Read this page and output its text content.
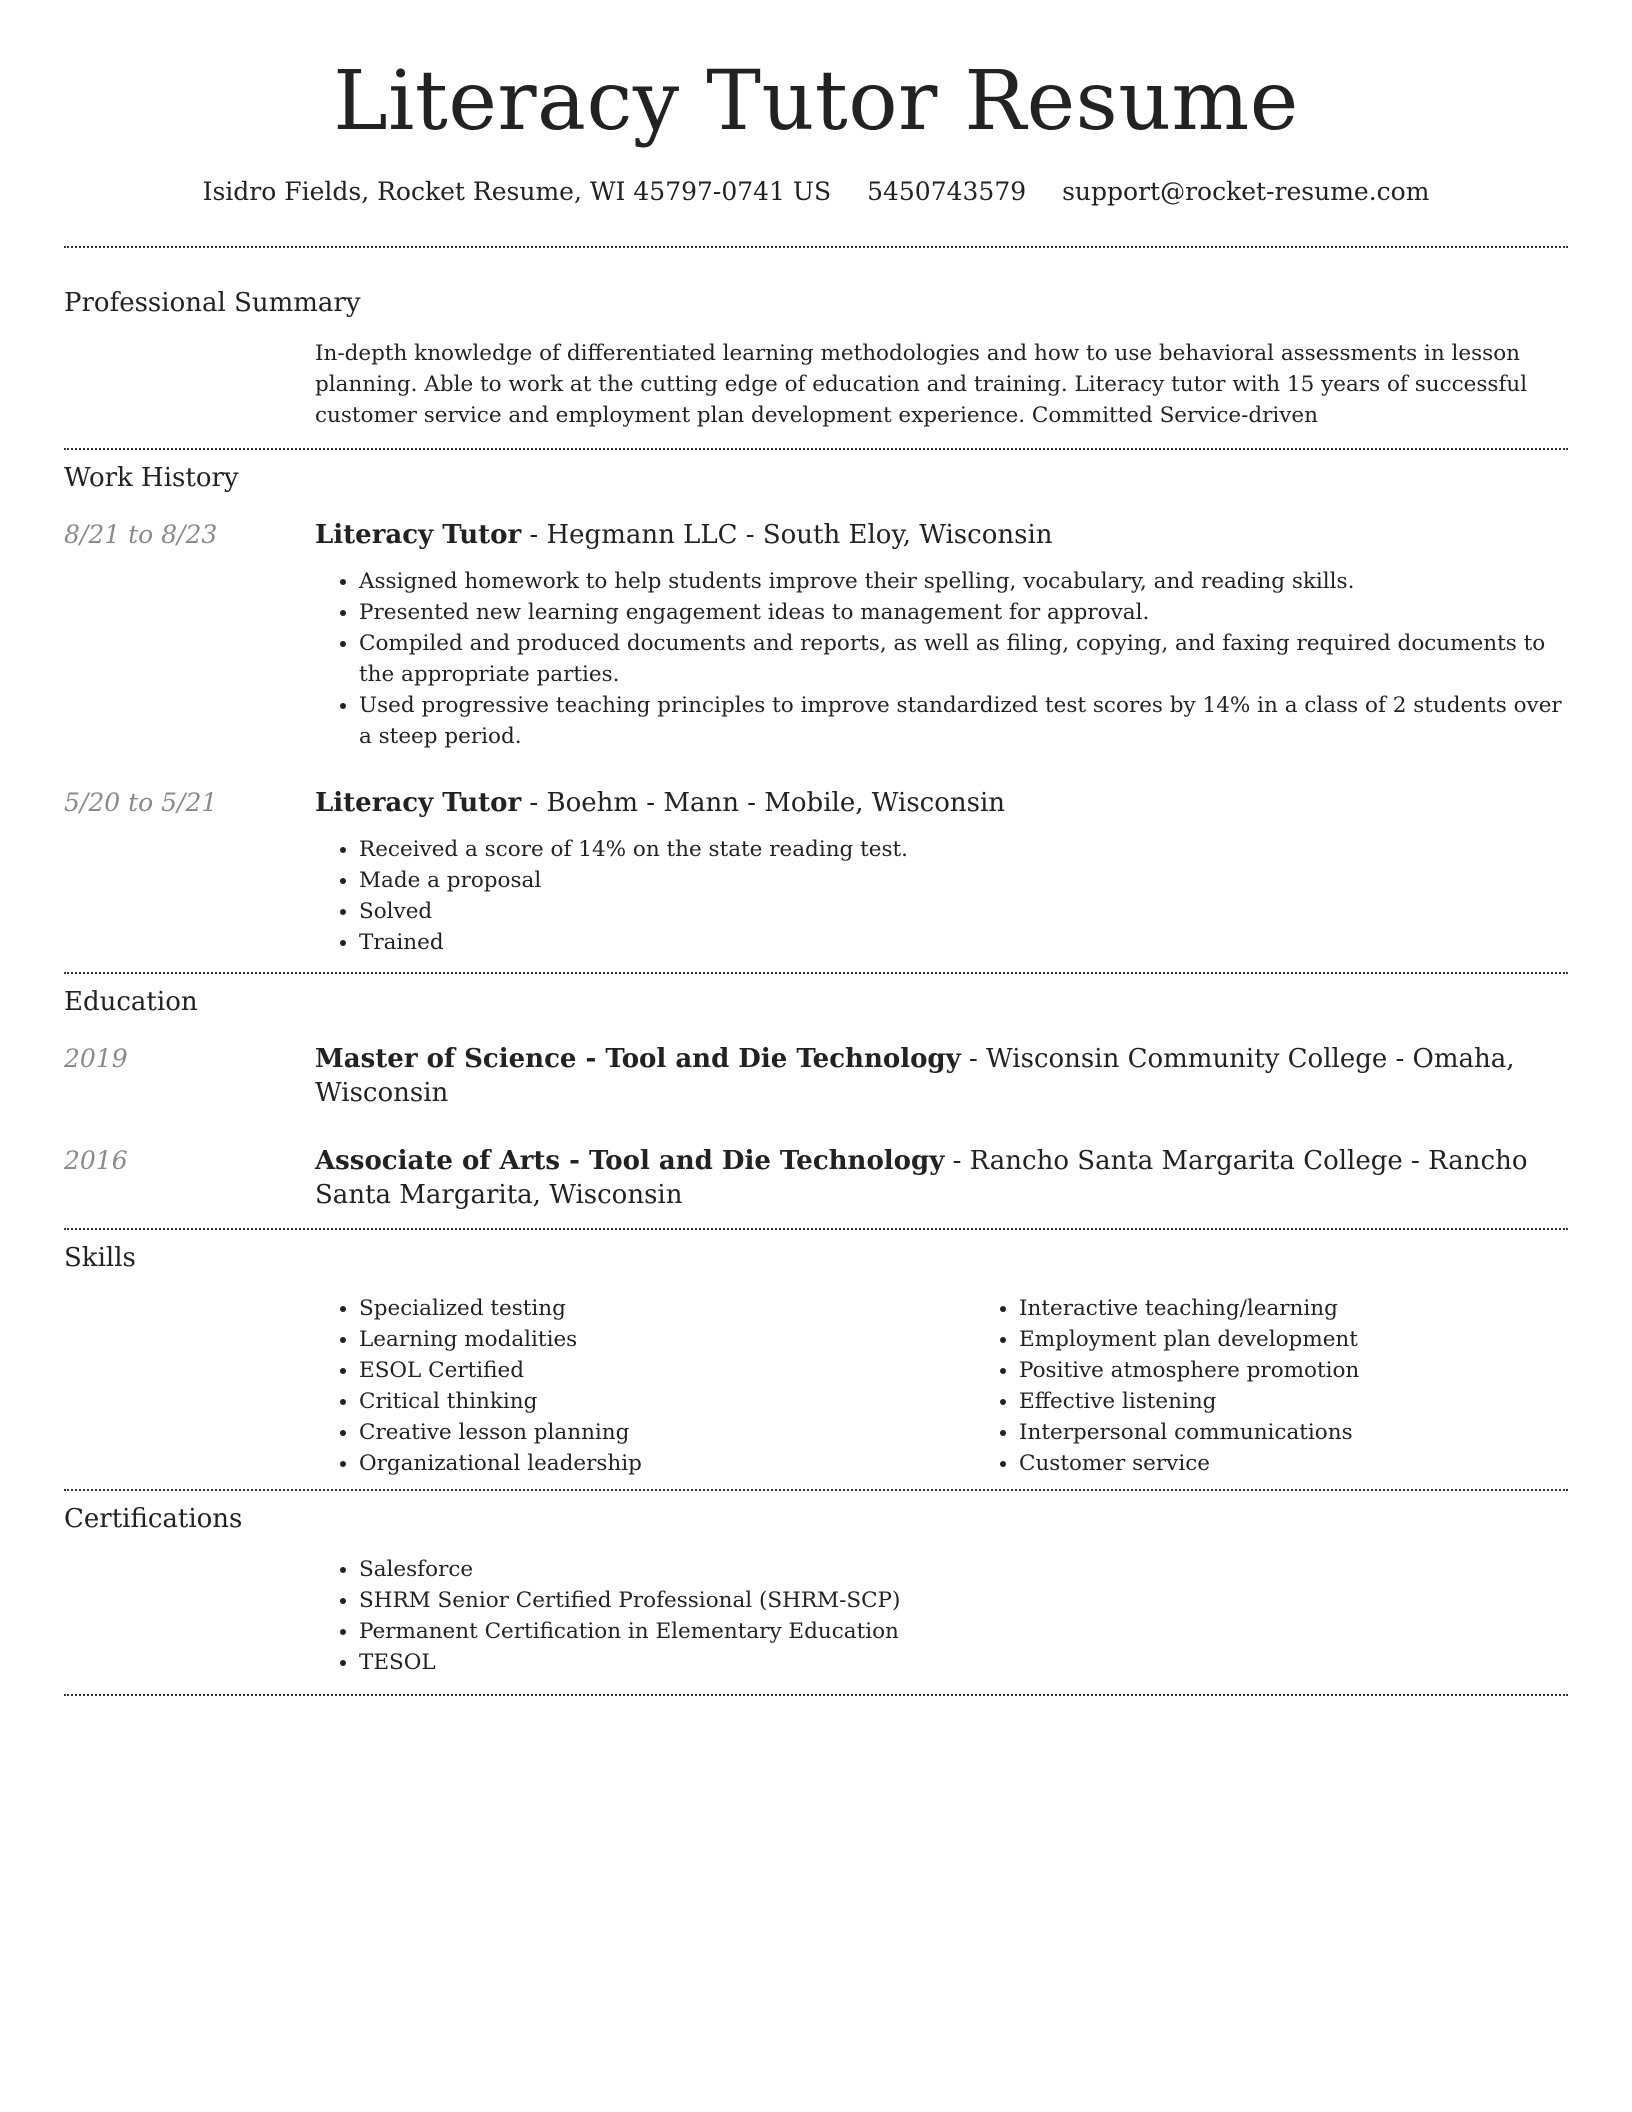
Literacy Tutor Resume
Isidro Fields, Rocket Resume, WI 45797-0741 US 5450743579 support@rocket-resume.com
Professional Summary
In-depth knowledge of differentiated learning methodologies and how to use behavioral assessments in lesson planning. Able to work at the cutting edge of education and training. Literacy tutor with 15 years of successful customer service and employment plan development experience. Committed Service-driven
Work History
8/21 to 8/23	Literacy Tutor - Hegmann LLC - South Eloy, Wisconsin
• Assigned homework to help students improve their spelling, vocabulary, and reading skills.
• Presented new learning engagement ideas to management for approval.
• Compiled and produced documents and reports, as well as filing, copying, and faxing required documents to the appropriate parties.
• Used progressive teaching principles to improve standardized test scores by 14% in a class of 2 students over a steep period.
5/20 to 5/21	Literacy Tutor - Boehm - Mann - Mobile, Wisconsin
• Received a score of 14% on the state reading test.
• Made a proposal
• Solved
• Trained
Education
2019	Master of Science - Tool and Die Technology - Wisconsin Community College - Omaha, Wisconsin
2016	Associate of Arts - Tool and Die Technology - Rancho Santa Margarita College - Rancho Santa Margarita, Wisconsin
Skills
• Specialized testing
• Learning modalities
• ESOL Certified
• Critical thinking
• Creative lesson planning
• Organizational leadership
• Interactive teaching/learning
• Employment plan development
• Positive atmosphere promotion
• Effective listening
• Interpersonal communications
• Customer service
Certifications
• Salesforce
• SHRM Senior Certified Professional (SHRM-SCP)
• Permanent Certification in Elementary Education
• TESOL
